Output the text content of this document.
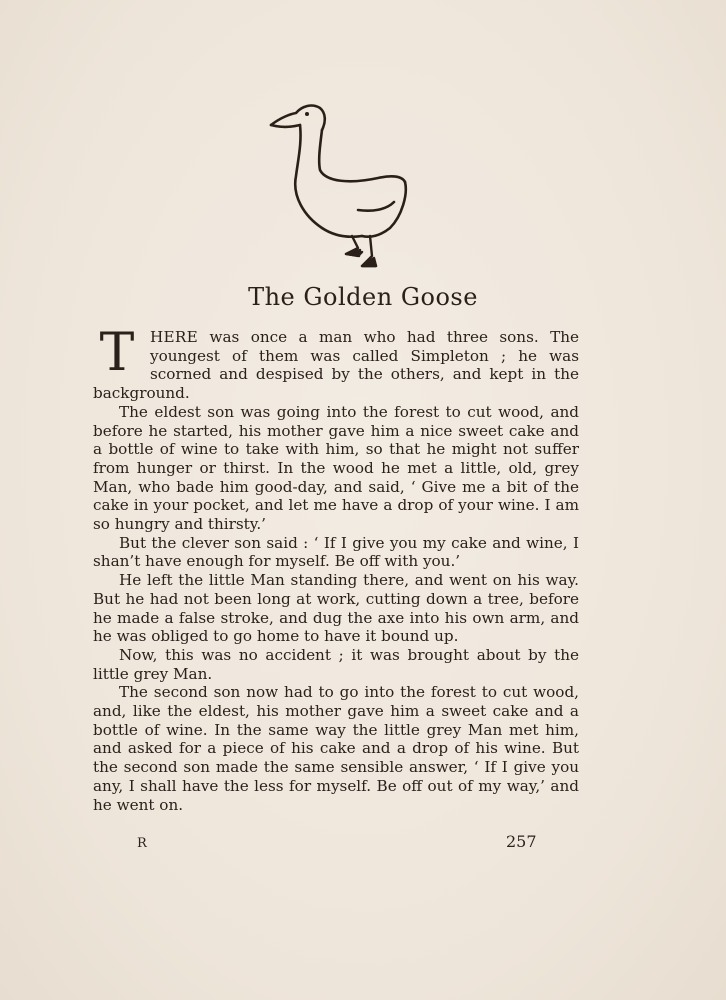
The Golden Goose

T	HERE was once a man who had three sons. The youngest of them was called Simpleton ; he was scorned and despised by the others, and kept in the background.

The eldest son was going into the forest to cut wood, and before he started, his mother gave him a nice sweet cake and a bottle of wine to take with him, so that he might not suffer from hunger or thirst. In the wood he met a little, old, grey Man, who bade him good-day, and said, ‘ Give me a bit of the cake in your pocket, and let me have a drop of your wine. I am so hungry and thirsty.’

But the clever son said : ‘ If I give you my cake and wine, I shan’t have enough for myself. Be off with you.’

He left the little Man standing there, and went on his way. But he had not been long at work, cutting down a tree, before he made a false stroke, and dug the axe into his own arm, and he was obliged to go home to have it bound up.

Now, this was no accident ; it was brought about by the little grey Man.

The second son now had to go into the forest to cut wood, and, like the eldest, his mother gave him a sweet cake and a bottle of wine. In the same way the little grey Man met him, and asked for a piece of his cake and a drop of his wine. But the second son made the same sensible answer, ‘ If I give you any, I shall have the less for myself. Be off out of my way,’ and he went on.

R	257
